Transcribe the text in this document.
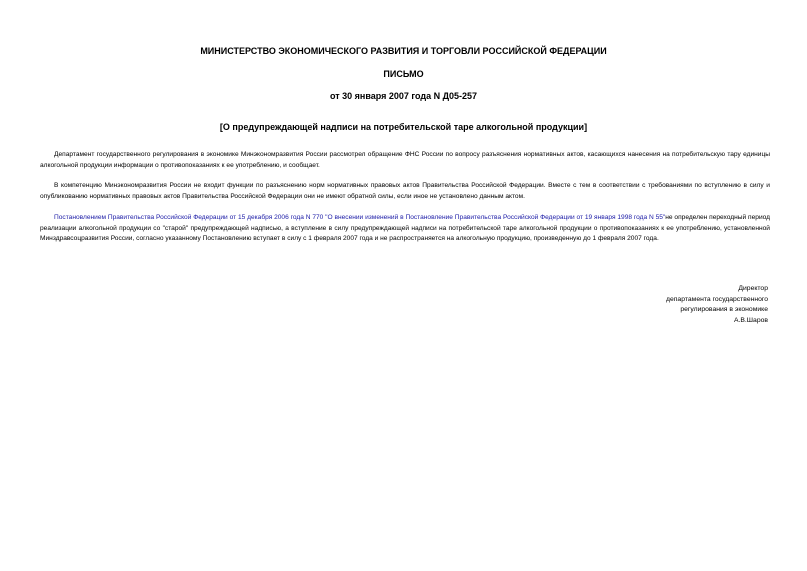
МИНИСТЕРСТВО ЭКОНОМИЧЕСКОГО РАЗВИТИЯ И ТОРГОВЛИ РОССИЙСКОЙ ФЕДЕРАЦИИ
ПИСЬМО
от 30 января 2007 года N Д05-257
[О предупреждающей надписи на потребительской таре алкогольной продукции]

Департамент государственного регулирования в экономике Минэкономразвития России рассмотрел обращение ФНС России по вопросу разъяснения нормативных актов, касающихся нанесения на потребительскую тару единицы алкогольной продукции информации о противопоказаниях к ее употреблению, и сообщает.

В компетенцию Минэкономразвития России не входит функции по разъяснению норм нормативных правовых актов Правительства Российской Федерации. Вместе с тем в соответствии с требованиями по вступлению в силу и опубликованию нормативных правовых актов Правительства Российской Федерации они не имеют обратной силы, если иное не установлено данным актом.

Постановлением Правительства Российской Федерации от 15 декабря 2006 года N 770 "О внесении изменений в Постановление Правительства Российской Федерации от 19 января 1998 года N 55"не определен переходный период реализации алкогольной продукции со "старой" предупреждающей надписью, а вступление в силу предупреждающей надписи на потребительской таре алкогольной продукции о противопоказаниях к ее употреблению, установленной Минздравсоцразвития России, согласно указанному Постановлению вступает в силу с 1 февраля 2007 года и не распространяется на алкогольную продукцию, произведенную до 1 февраля 2007 года.

Директор
департамента государственного
регулирования в экономике
А.В.Шаров
